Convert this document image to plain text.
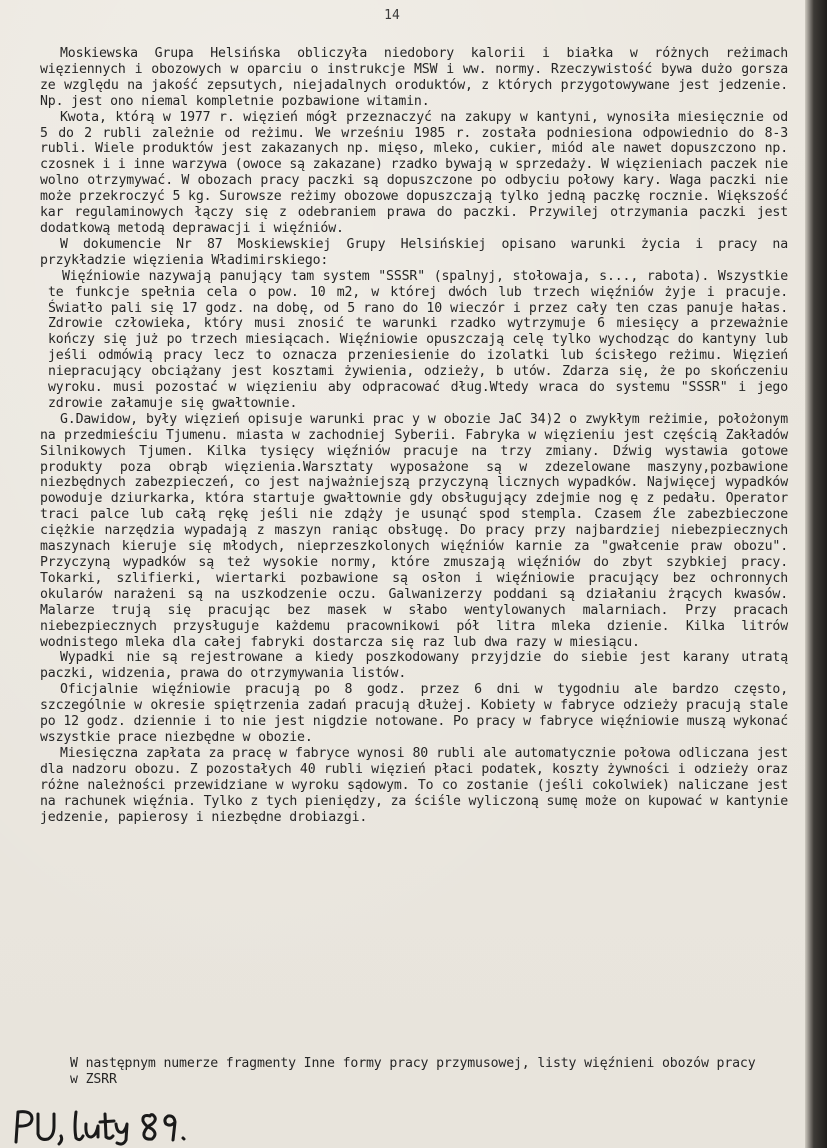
14

Moskiewska Grupa Helsińska obliczyła niedobory kalorii i białka w różnych reżimach więziennych i obozowych w oparciu o instrukcje MSW i ww. normy. Rzeczywistość bywa dużo gorsza ze względu na jakość zepsutych, niejadalnych oroduktów, z których przygotowywane jest jedzenie. Np. jest ono niemal kompletnie pozbawione witamin.

Kwota, którą w 1977 r. więzień mógł przeznaczyć na zakupy w kantyni, wynosiła miesięcznie od 5 do 2 rubli zależnie od reżimu. We wrześniu 1985 r. została podniesiona odpowiednio do 8-3 rubli. Wiele produktów jest zakazanych np. mięso, mleko, cukier, miód ale nawet dopuszczono np. czosnek i i inne warzywa (owoce są zakazane) rzadko bywają w sprzedaży. W więzieniach paczek nie wolno otrzymywać. W obozach pracy paczki są dopuszczone po odbyciu połowy kary. Waga paczki nie może przekroczyć 5 kg. Surowsze reżimy obozowe dopuszczają tylko jedną paczkę rocznie. Większość kar regulaminowych łączy się z odebraniem prawa do paczki. Przywilej otrzymania paczki jest dodatkową metodą deprawacji i więźniów.

W dokumencie Nr 87 Moskiewskiej Grupy Helsińskiej opisano warunki życia i pracy na przykładzie więzienia Władimirskiego:

Więźniowie nazywają panujący tam system "SSSR" (spalnyj, stołowaja, s..., rabota). Wszystkie te funkcje spełnia cela o pow. 10 m2, w której dwóch lub trzech więźniów żyje i pracuje. Światło pali się 17 godz. na dobę, od 5 rano do 10 wieczór i przez cały ten czas panuje hałas. Zdrowie człowieka, który musi znosić te warunki rzadko wytrzymuje 6 miesięcy a przeważnie kończy się już po trzech miesiącach. Więźniowie opuszczają celę tylko wychodząc do kantyny lub jeśli odmówią pracy lecz to oznacza przeniesienie do izolatki lub ścisłego reżimu. Więzień niepracujący obciążany jest kosztami żywienia, odzieży, b utów. Zdarza się, że po skończeniu wyroku. musi pozostać w więzieniu aby odpracować dług.Wtedy wraca do systemu "SSSR" i jego zdrowie załamuje się gwałtownie.

G.Dawidow, były więzień opisuje warunki prac y w obozie JaC 34)2 o zwykłym reżimie, położonym na przedmieściu Tjumenu. miasta w zachodniej Syberii. Fabryka w więzieniu jest częścią Zakładów Silnikowych Tjumen. Kilka tysięcy więźniów pracuje na trzy zmiany. Dźwig wystawia gotowe produkty poza obrąb więzienia.Warsztaty wyposażone są w zdezelowane maszyny,pozbawione niezbędnych zabezpieczeń, co jest najważniejszą przyczyną licznych wypadków. Najwięcej wypadków powoduje dziurkarka, która startuje gwałtownie gdy obsługujący zdejmie nog ę z pedału. Operator traci palce lub całą rękę jeśli nie zdąży je usunąć spod stempla. Czasem źle zabezbieczone ciężkie narzędzia wypadają z maszyn raniąc obsługę. Do pracy przy najbardziej niebezpiecznych maszynach kieruje się młodych, nieprzeszkolonych więźniów karnie za "gwałcenie praw obozu". Przyczyną wypadków są też wysokie normy, które zmuszają więźniów do zbyt szybkiej pracy. Tokarki, szlifierki, wiertarki pozbawione są osłon i więźniowie pracujący bez ochronnych okularów narażeni są na uszkodzenie oczu. Galwanizerzy poddani są działaniu żrących kwasów. Malarze trują się pracując bez masek w słabo wentylowanych malarniach. Przy pracach niebezpiecznych przysługuje każdemu pracownikowi pół litra mleka dzienie. Kilka litrów wodnistego mleka dla całej fabryki dostarcza się raz lub dwa razy w miesiącu.

Wypadki nie są rejestrowane a kiedy poszkodowany przyjdzie do siebie jest karany utratą paczki, widzenia, prawa do otrzymywania listów.

Oficjalnie więźniowie pracują po 8 godz. przez 6 dni w tygodniu ale bardzo często, szczególnie w okresie spiętrzenia zadań pracują dłużej. Kobiety w fabryce odzieży pracują stale po 12 godz. dziennie i to nie jest nigdzie notowane. Po pracy w fabryce więźniowie muszą wykonać wszystkie prace niezbędne w obozie.

Miesięczna zapłata za pracę w fabryce wynosi 80 rubli ale automatycznie połowa odliczana jest dla nadzoru obozu. Z pozostałych 40 rubli więzień płaci podatek, koszty żywności i odzieży oraz różne należności przewidziane w wyroku sądowym. To co zostanie (jeśli cokolwiek) naliczane jest na rachunek więźnia. Tylko z tych pieniędzy, za ściśle wyliczoną sumę może on kupować w kantynie jedzenie, papierosy i niezbędne drobiazgi.

W następnym numerze fragmenty Inne formy pracy przymusowej, listy więźnieni obozów pracy w ZSRR
